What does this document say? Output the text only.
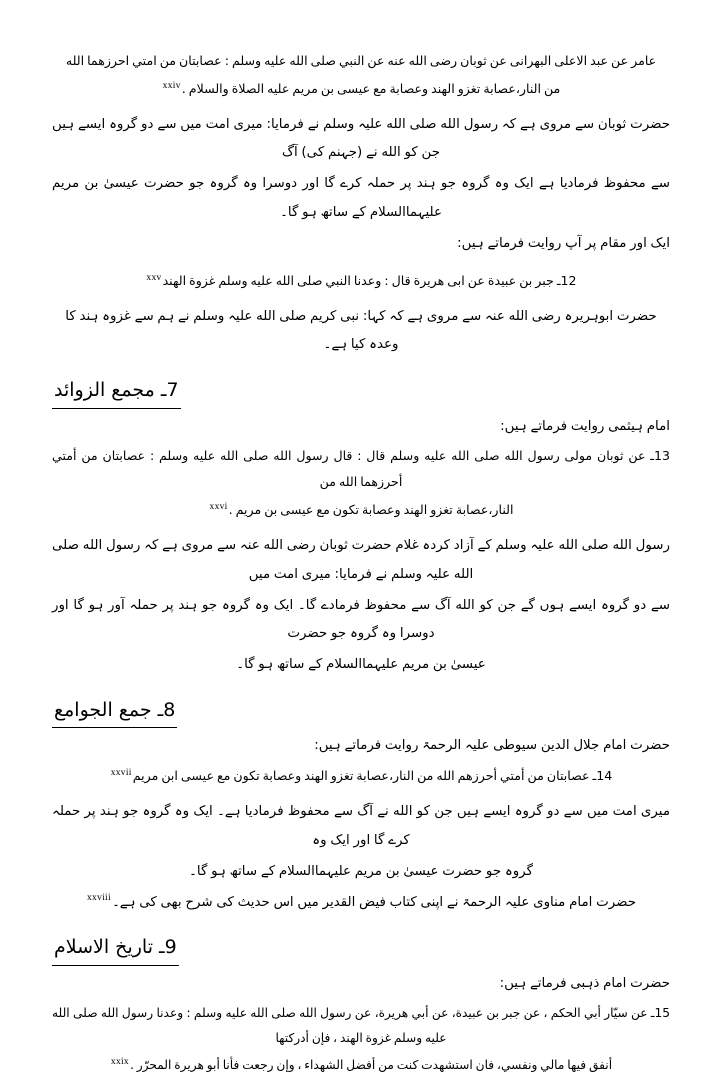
عامر عن عبد الاعلی البهرانی عن ثوبان رضی الله عنه عن النبي صلی الله عليه وسلم : عصابتان من امتي احرزهما الله

من النار،عصابة تغزو الهند وعصابة مع عيسی بن مريم عليه الصلاة والسلام .$^{xxiv}$

حضرت ثوبان سے مروی ہے کہ رسول الله صلی الله علیہ وسلم نے فرمایا: میری امت میں سے دو گروہ ایسے ہیں جن کو الله نے (جہنم کی) آگ

سے محفوظ فرمادیا ہے ایک وہ گروہ جو ہند پر حملہ کرے گا اور دوسرا وہ گروہ جو حضرت عیسیٰ بن مریم علیہماالسلام کے ساتھ ہو گا۔

ایک اور مقام پر آپ روایت فرماتے ہیں:

12ـ جبر بن عبيدة عن ابی هريرة قال : وعدنا النبي صلی الله عليه وسلم غزوة الهند$^{xxv}$

حضرت ابوہریرہ رضی الله عنہ سے مروی ہے کہ کہا: نبی کریم صلی الله علیہ وسلم نے ہم سے غزوہ ہند کا وعدہ کیا ہے۔

7ـ مجمع الزوائد

امام ہیثمی روایت فرماتے ہیں:

13ـ عن ثوبان مولی رسول الله صلی الله عليه وسلم قال : قال رسول الله صلی الله عليه وسلم : عصابتان من أمتي أحرزهما الله من

النار،عصابة تغزو الهند وعصابة تكون مع عيسی بن مريم .$^{xxvi}$

رسول الله صلی الله علیہ وسلم کے آزاد کردہ غلام حضرت ثوبان رضی الله عنہ سے مروی ہے کہ رسول الله صلی الله علیہ وسلم نے فرمایا: میری امت میں

سے دو گروہ ایسے ہوں گے جن کو الله آگ سے محفوظ فرمادے گا۔ ایک وہ گروہ جو ہند پر حملہ آور ہو گا اور دوسرا وہ گروہ جو حضرت

عیسیٰ بن مریم علیہماالسلام کے ساتھ ہو گا۔

8ـ جمع الجوامع

حضرت امام جلال الدین سیوطی علیہ الرحمۃ روایت فرماتے ہیں:

14ـ عصابتان من أمتي أحرزهم الله من النار،عصابة تغزو الهند وعصابة تكون مع عيسی ابن مريم$^{xxvii}$

میری امت میں سے دو گروہ ایسے ہیں جن کو الله نے آگ سے محفوظ فرمادیا ہے۔ ایک وہ گروہ جو ہند پر حملہ کرے گا اور ایک وہ

گروہ جو حضرت عیسیٰ بن مریم علیہماالسلام کے ساتھ ہو گا۔

حضرت امام مناوی علیہ الرحمۃ نے اپنی کتاب فیض القدیر میں اس حدیث کی شرح بھی کی ہے۔$^{xxviii}$

9ـ تاريخ الاسلام

حضرت امام ذہبی فرماتے ہیں:

15ـ عن سيّار أبي الحكم ، عن جبر بن عبيدة، عن أبي هريرة، عن رسول الله صلی الله عليه وسلم : وعدنا رسول الله صلی الله عليه وسلم غزوة الهند ، فإن أدركتها

أنفق فيها مالي ونفسي، فان استشهدت كنت من أفضل الشهداء ، وإن رجعت فأنا أبو هريرة المحرّر .$^{xxix}$
